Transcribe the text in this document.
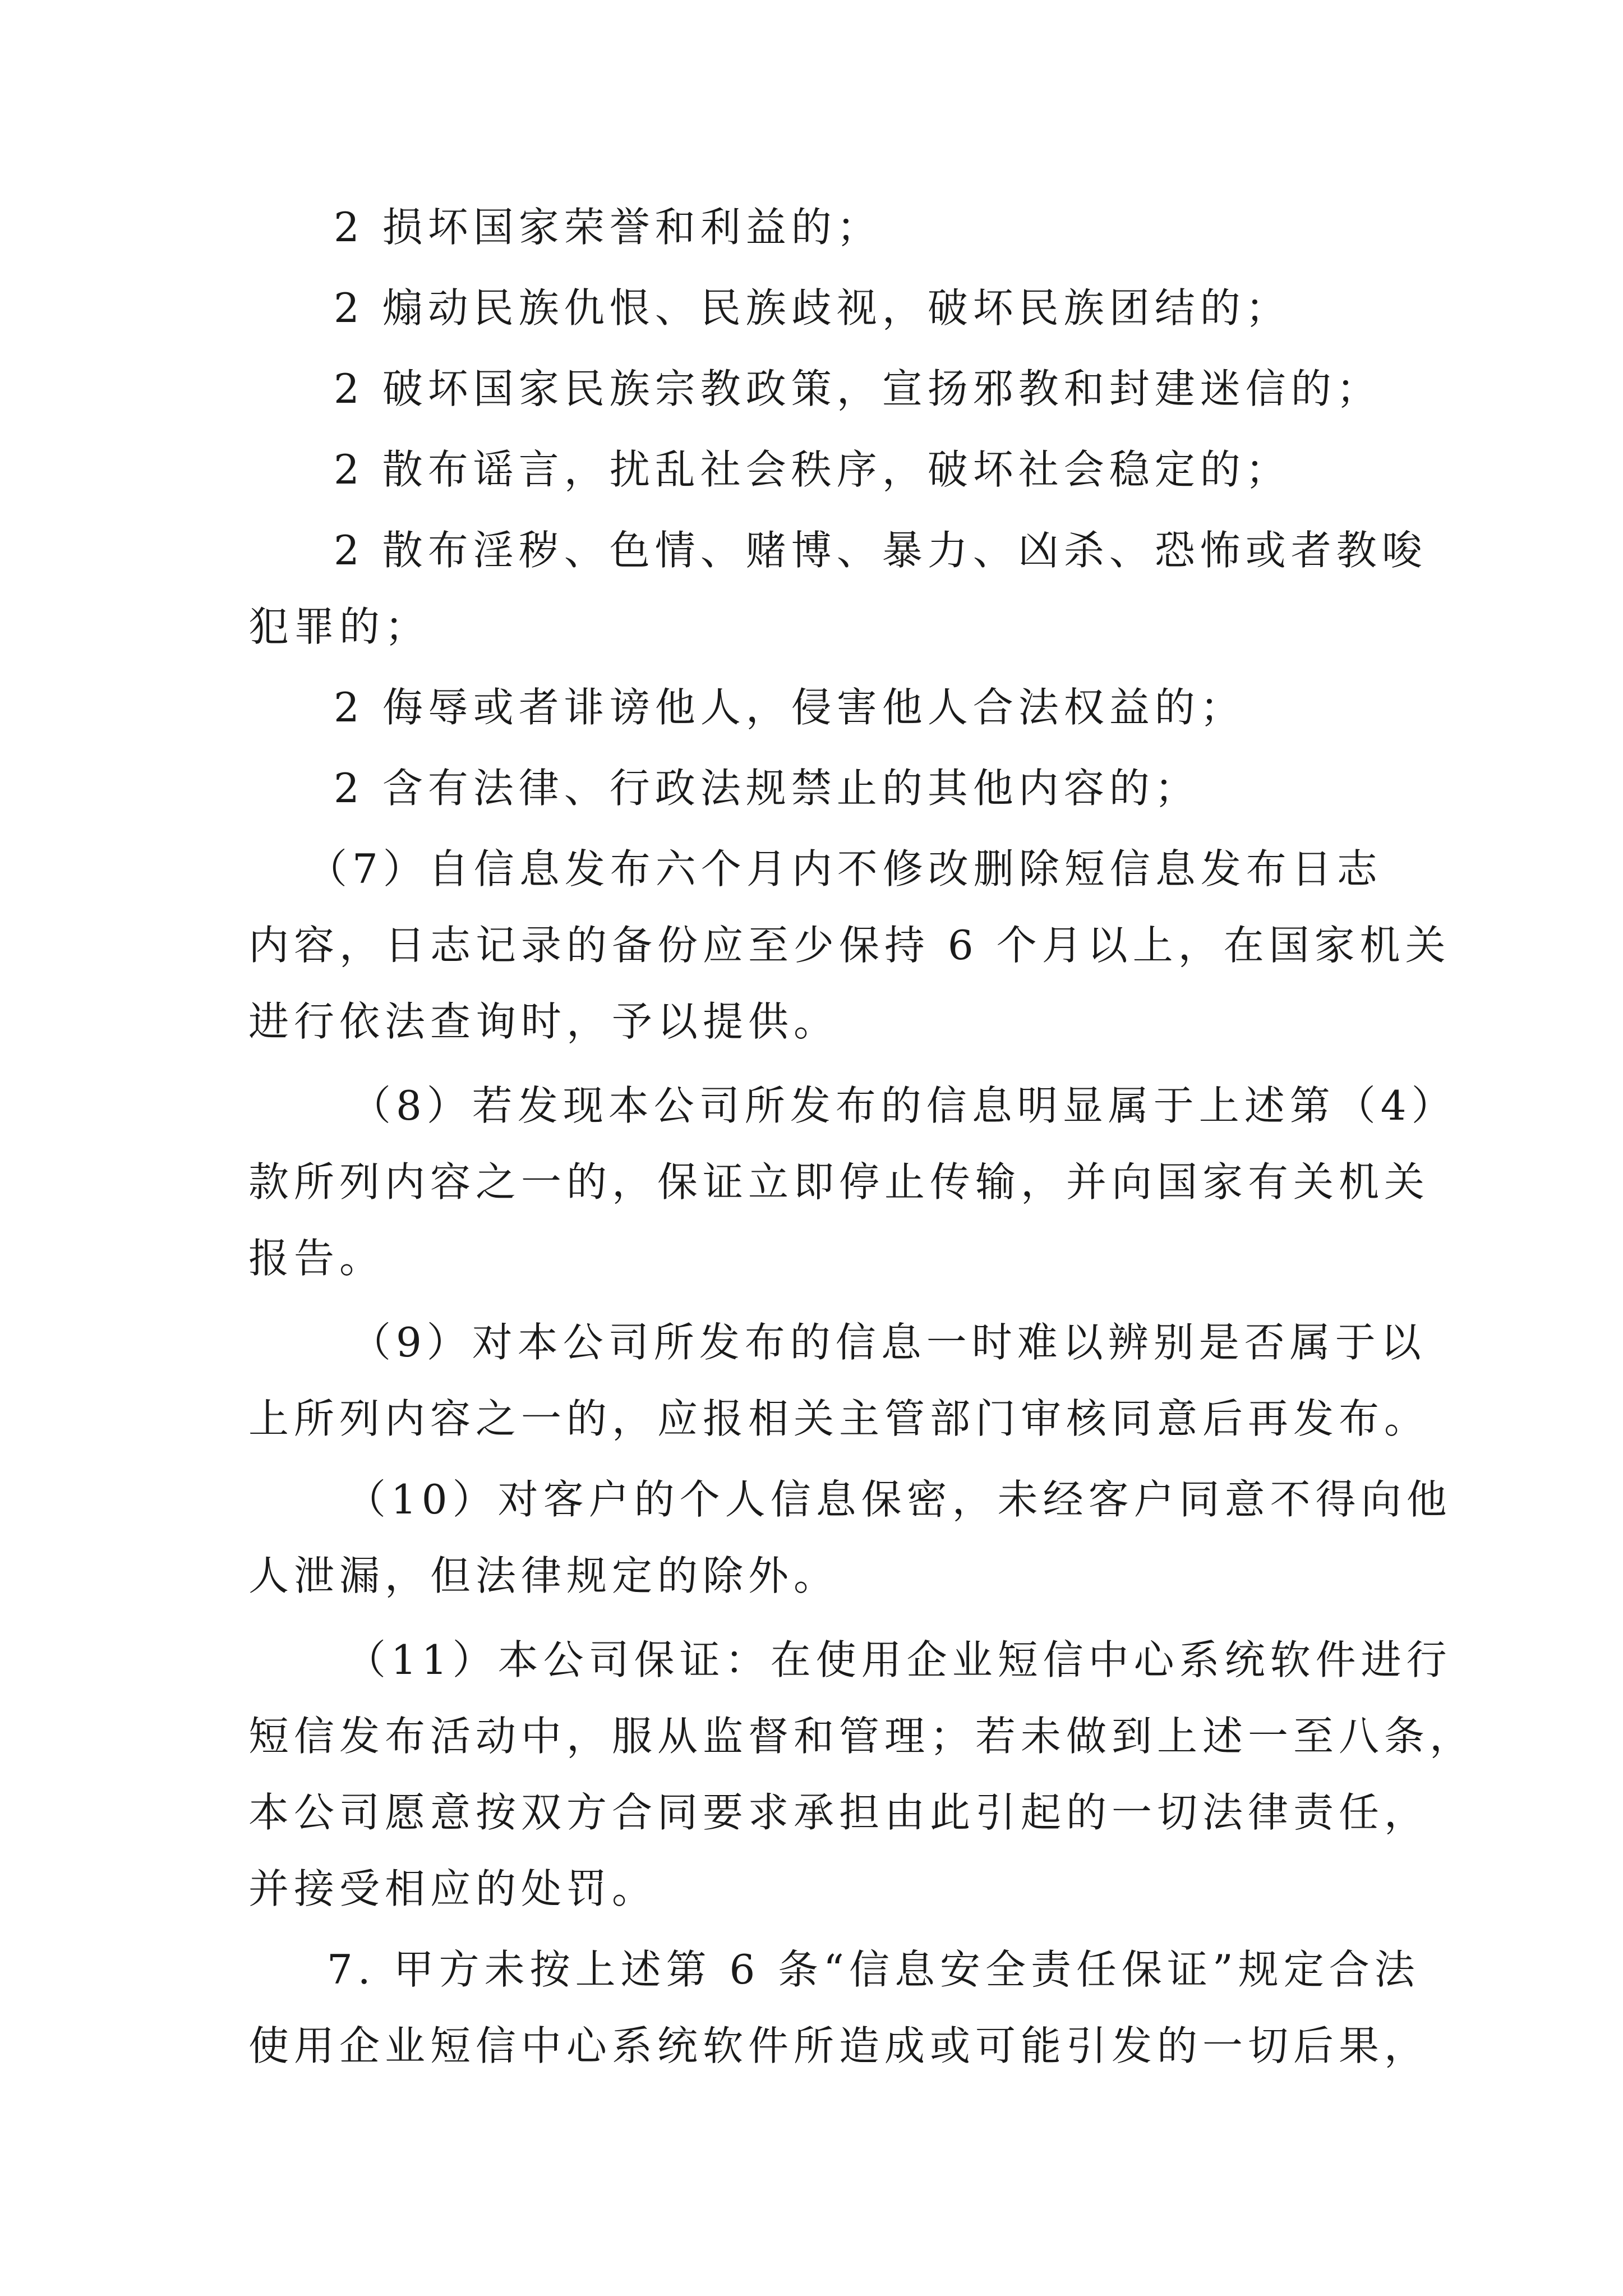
2 损坏国家荣誉和利益的；

2 煽动民族仇恨、民族歧视，破坏民族团结的；

2 破坏国家民族宗教政策，宣扬邪教和封建迷信的；

2 散布谣言，扰乱社会秩序，破坏社会稳定的；

2 散布淫秽、色情、赌博、暴力、凶杀、恐怖或者教唆

犯罪的；

2 侮辱或者诽谤他人，侵害他人合法权益的；

2 含有法律、行政法规禁止的其他内容的；

（7）自信息发布六个月内不修改删除短信息发布日志

内容，日志记录的备份应至少保持 6 个月以上，在国家机关

进行依法查询时，予以提供。

（8）若发现本公司所发布的信息明显属于上述第（4）

款所列内容之一的，保证立即停止传输，并向国家有关机关

报告。

（9）对本公司所发布的信息一时难以辨别是否属于以

上所列内容之一的，应报相关主管部门审核同意后再发布。

（10）对客户的个人信息保密，未经客户同意不得向他

人泄漏，但法律规定的除外。

（11）本公司保证：在使用企业短信中心系统软件进行

短信发布活动中，服从监督和管理；若未做到上述一至八条，

本公司愿意按双方合同要求承担由此引起的一切法律责任，

并接受相应的处罚。

7. 甲方未按上述第 6 条“信息安全责任保证”规定合法

使用企业短信中心系统软件所造成或可能引发的一切后果，
